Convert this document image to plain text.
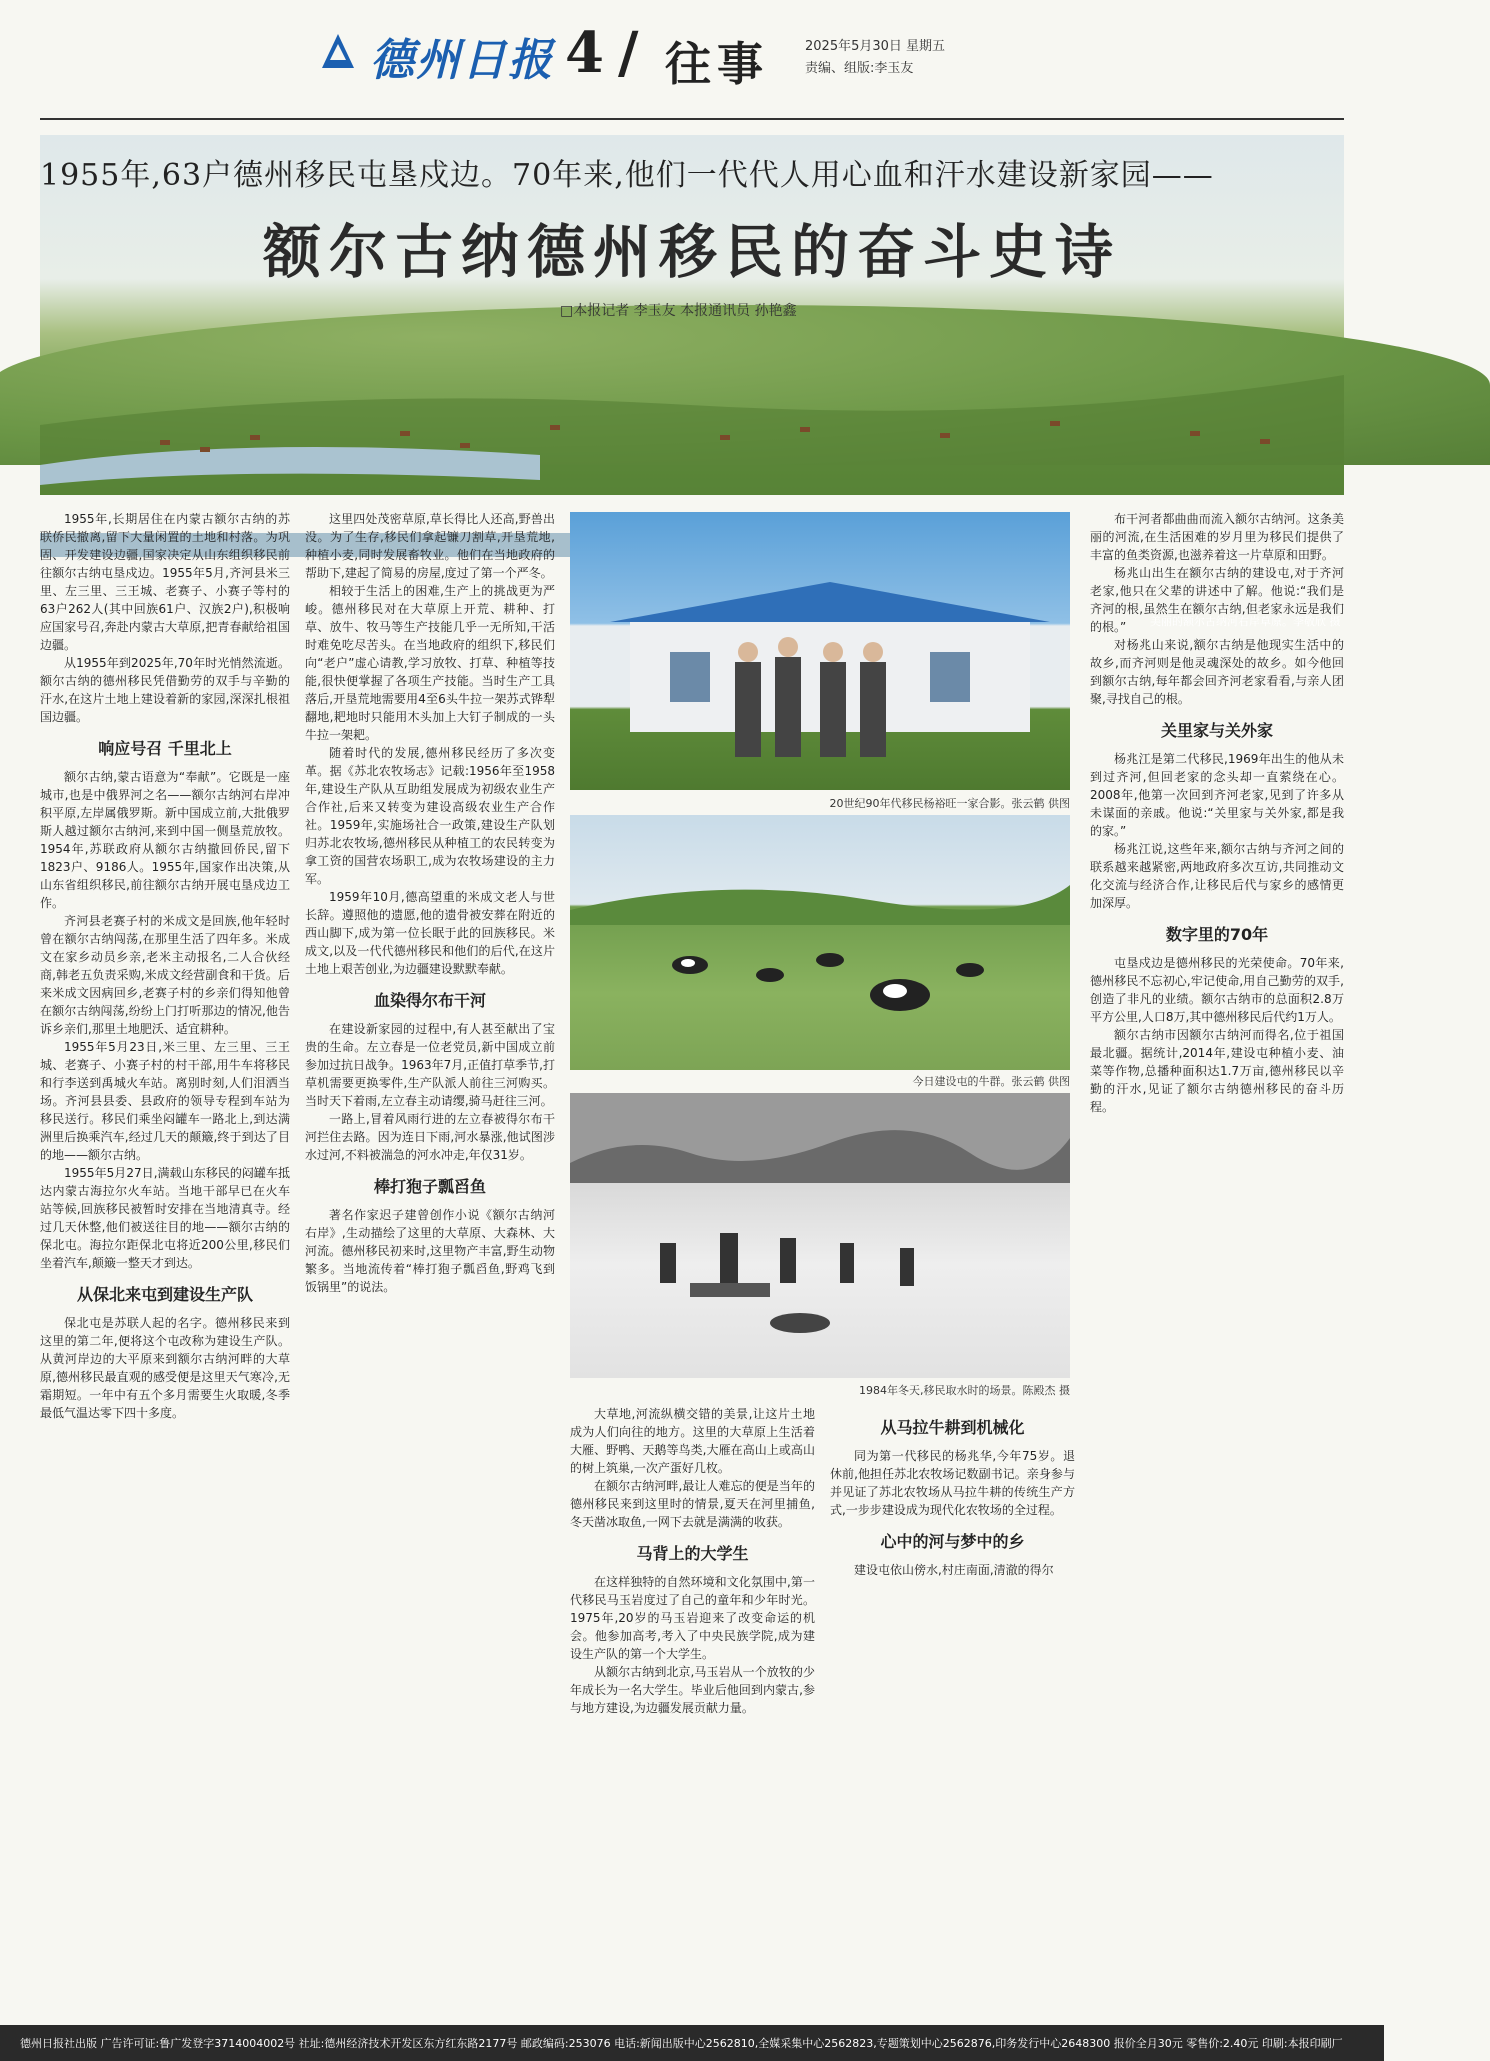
德州日报 4 / 往事	2025年5月30日 星期五
责编、组版:李玉友
美丽的额尔古纳河右岸草原。李敬欣 摄
1955年,63户德州移民屯垦戍边。70年来,他们一代代人用心血和汗水建设新家园——
额尔古纳德州移民的奋斗史诗
□本报记者 李玉友 本报通讯员 孙艳鑫

1955年,长期居住在内蒙古额尔古纳的苏联侨民撤离,留下大量闲置的土地和村落。为巩固、开发建设边疆,国家决定从山东组织移民前往额尔古纳屯垦戍边。1955年5月,齐河县米三里、左三里、三王城、老赛子、小赛子等村的63户262人(其中回族61户、汉族2户),积极响应国家号召,奔赴内蒙古大草原,把青春献给祖国边疆。

从1955年到2025年,70年时光悄然流逝。额尔古纳的德州移民凭借勤劳的双手与辛勤的汗水,在这片土地上建设着新的家园,深深扎根祖国边疆。

响应号召 千里北上

额尔古纳,蒙古语意为“奉献”。它既是一座城市,也是中俄界河之名——额尔古纳河右岸冲积平原,左岸属俄罗斯。新中国成立前,大批俄罗斯人越过额尔古纳河,来到中国一侧垦荒放牧。1954年,苏联政府从额尔古纳撤回侨民,留下1823户、9186人。1955年,国家作出决策,从山东省组织移民,前往额尔古纳开展屯垦戍边工作。

齐河县老赛子村的米成文是回族,他年轻时曾在额尔古纳闯荡,在那里生活了四年多。米成文在家乡动员乡亲,老米主动报名,二人合伙经商,韩老五负责采购,米成文经营副食和干货。后来米成文因病回乡,老赛子村的乡亲们得知他曾在额尔古纳闯荡,纷纷上门打听那边的情况,他告诉乡亲们,那里土地肥沃、适宜耕种。

1955年5月23日,米三里、左三里、三王城、老赛子、小赛子村的村干部,用牛车将移民和行李送到禹城火车站。离别时刻,人们泪洒当场。齐河县县委、县政府的领导专程到车站为移民送行。移民们乘坐闷罐车一路北上,到达满洲里后换乘汽车,经过几天的颠簸,终于到达了目的地——额尔古纳。

1955年5月27日,满载山东移民的闷罐车抵达内蒙古海拉尔火车站。当地干部早已在火车站等候,回族移民被暂时安排在当地清真寺。经过几天休整,他们被送往目的地——额尔古纳的保北屯。海拉尔距保北屯将近200公里,移民们坐着汽车,颠簸一整天才到达。

从保北来屯到建设生产队

保北屯是苏联人起的名字。德州移民来到这里的第二年,便将这个屯改称为建设生产队。从黄河岸边的大平原来到额尔古纳河畔的大草原,德州移民最直观的感受便是这里天气寒冷,无霜期短。一年中有五个多月需要生火取暖,冬季最低气温达零下四十多度。

这里四处茂密草原,草长得比人还高,野兽出没。为了生存,移民们拿起镰刀割草,开垦荒地,种植小麦,同时发展畜牧业。他们在当地政府的帮助下,建起了简易的房屋,度过了第一个严冬。

相较于生活上的困难,生产上的挑战更为严峻。德州移民对在大草原上开荒、耕种、打草、放牛、牧马等生产技能几乎一无所知,干活时难免吃尽苦头。在当地政府的组织下,移民们向“老户”虚心请教,学习放牧、打草、种植等技能,很快便掌握了各项生产技能。当时生产工具落后,开垦荒地需要用4至6头牛拉一架苏式铧犁翻地,耙地时只能用木头加上大钉子制成的一头牛拉一架耙。

随着时代的发展,德州移民经历了多次变革。据《苏北农牧场志》记载:1956年至1958年,建设生产队从互助组发展成为初级农业生产合作社,后来又转变为建设高级农业生产合作社。1959年,实施场社合一政策,建设生产队划归苏北农牧场,德州移民从种植工的农民转变为拿工资的国营农场职工,成为农牧场建设的主力军。

1959年10月,德高望重的米成文老人与世长辞。遵照他的遗愿,他的遗骨被安葬在附近的西山脚下,成为第一位长眠于此的回族移民。米成文,以及一代代德州移民和他们的后代,在这片土地上艰苦创业,为边疆建设默默奉献。

血染得尔布干河

在建设新家园的过程中,有人甚至献出了宝贵的生命。左立春是一位老党员,新中国成立前参加过抗日战争。1963年7月,正值打草季节,打草机需要更换零件,生产队派人前往三河购买。当时天下着雨,左立春主动请缨,骑马赶往三河。

一路上,冒着风雨行进的左立春被得尔布干河拦住去路。因为连日下雨,河水暴涨,他试图涉水过河,不料被湍急的河水冲走,年仅31岁。

棒打狍子瓢舀鱼

著名作家迟子建曾创作小说《额尔古纳河右岸》,生动描绘了这里的大草原、大森林、大河流。德州移民初来时,这里物产丰富,野生动物繁多。当地流传着“棒打狍子瓢舀鱼,野鸡飞到饭锅里”的说法。

20世纪90年代移民杨裕旺一家合影。张云鹤 供图
今日建设屯的牛群。张云鹤 供图
1984年冬天,移民取水时的场景。陈殿杰 摄

大草地,河流纵横交错的美景,让这片土地成为人们向往的地方。这里的大草原上生活着大雁、野鸭、天鹅等鸟类,大雁在高山上或高山的树上筑巢,一次产蛋好几枚。

在额尔古纳河畔,最让人难忘的便是当年的德州移民来到这里时的情景,夏天在河里捕鱼,冬天凿冰取鱼,一网下去就是满满的收获。

马背上的大学生

在这样独特的自然环境和文化氛围中,第一代移民马玉岩度过了自己的童年和少年时光。1975年,20岁的马玉岩迎来了改变命运的机会。他参加高考,考入了中央民族学院,成为建设生产队的第一个大学生。

从额尔古纳到北京,马玉岩从一个放牧的少年成长为一名大学生。毕业后他回到内蒙古,参与地方建设,为边疆发展贡献力量。

从马拉牛耕到机械化

同为第一代移民的杨兆华,今年75岁。退休前,他担任苏北农牧场记数副书记。亲身参与并见证了苏北农牧场从马拉牛耕的传统生产方式,一步步建设成为现代化农牧场的全过程。

心中的河与梦中的乡

建设屯依山傍水,村庄南面,清澈的得尔

布干河者都曲曲而流入额尔古纳河。这条美丽的河流,在生活困难的岁月里为移民们提供了丰富的鱼类资源,也滋养着这一片草原和田野。

杨兆山出生在额尔古纳的建设屯,对于齐河老家,他只在父辈的讲述中了解。他说:“我们是齐河的根,虽然生在额尔古纳,但老家永远是我们的根。”

对杨兆山来说,额尔古纳是他现实生活中的故乡,而齐河则是他灵魂深处的故乡。如今他回到额尔古纳,每年都会回齐河老家看看,与亲人团聚,寻找自己的根。

关里家与关外家

杨兆江是第二代移民,1969年出生的他从未到过齐河,但回老家的念头却一直萦绕在心。2008年,他第一次回到齐河老家,见到了许多从未谋面的亲戚。他说:“关里家与关外家,都是我的家。”

杨兆江说,这些年来,额尔古纳与齐河之间的联系越来越紧密,两地政府多次互访,共同推动文化交流与经济合作,让移民后代与家乡的感情更加深厚。

数字里的70年

屯垦戍边是德州移民的光荣使命。70年来,德州移民不忘初心,牢记使命,用自己勤劳的双手,创造了非凡的业绩。额尔古纳市的总面积2.8万平方公里,人口8万,其中德州移民后代约1万人。

额尔古纳市因额尔古纳河而得名,位于祖国最北疆。据统计,2014年,建设屯种植小麦、油菜等作物,总播种面积达1.7万亩,德州移民以辛勤的汗水,见证了额尔古纳德州移民的奋斗历程。

德州日报社出版 广告许可证:鲁广发登字3714004002号 社址:德州经济技术开发区东方红东路2177号 邮政编码:253076 电话:新闻出版中心2562810,全媒采集中心2562823,专题策划中心2562876,印务发行中心2648300 报价全月30元 零售价:2.40元 印刷:本报印刷厂
